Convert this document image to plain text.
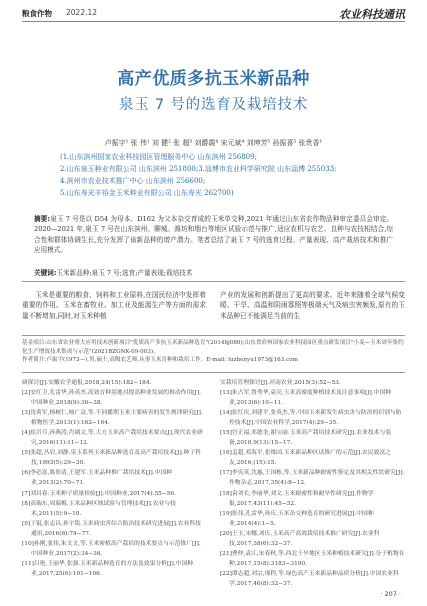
粮食作物 2022.12	农业科技通讯
高产优质多抗玉米新品种
泉玉 7 号的选育及栽培技术
卢振宇¹ 张 伟¹ 刘 健² 张 超³ 刘爵霞⁴ 宋元斌⁴ 刘坤芳⁵ 孙振喜⁵ 张贵香¹
(1.山东滨州国家农业科技园区管理服务中心 山东滨州 256809;
2.山东泉玉种业有限公司 山东滨州 251800;3.淄博市农业科学研究院 山东淄博 255033;
4.滨州市农业技术推广中心 山东滨州 256600;
5.山东寿光丰裕金玉米种业有限公司 山东寿光 262700)
摘要:泉玉 7 号是以 D54 为母本、D162 为父本杂交育成的玉米单交种,2021 年通过山东省农作物品种审定委员会审定。2020—2021 年,泉玉 7 号在山东滨州、聊城、潍坊和烟台等地区试验示范与推广,适应农机与农艺、良种与农技相结合,综合性和群体协调生长,充分发挥了该新品种的增产潜力。笔者总结了泉玉 7 号的选育过程、产量表现、高产栽培技术和推广应用模式。
关键词:玉米新品种;泉玉 7 号;选育;产量表现;栽培技术

玉米是重要的粮食、饲料和工业原料,在国民经济中发挥着重要的作用。玉米在畜牧业、加工业及能源生产等方面的需求量不断增加,同时,对玉米种植

产业的发展和创新提出了更高的要求。近年来随着全球气候变暖、干旱、高温和阴雨寡照等极端天气及病虫害频发,原有的玉米品种已不能满足当前的生

基金项目:山东省农业重大应用技术创新项目"优质高产多抗玉米新品种选育"(2014hj080);山东省滨州国家农业科技园区重点研发项目"小麦—玉米周年集约化生产增效技术集成与示范"(2021BZGNK-09-003)。
作者简介:卢振宇(1973—),男,硕士,高级农艺师,从事玉米育种和栽培工作。E-mail: luzhenyu1973@163.com
研探讨[J].安徽农学通报,2018,24(15):182−184.
[2]安红卫,孔雷华,孙英杰.高效育种基地对提高种业发展的推动作用[J].中国种业,2018(9):36−38.
[3]沈荷军,杨树仁,杨广益,等.不同播期玉米主要病害的发生规律研究[J].植物医学,2013(1):162−164.
[4]崔沂月,孙燕涛,肖璃文,等.大方玉米高产栽培技术要点[J].现代农业研究,2016(11):11−12.
[5]张超,丛岩,刘静.泉玉系列玉米新品种选育及高产栽培技术[J].种子科技,1993(5):29−30.
[6]李必富,陈彰清,王建军.玉米品种推广栽培技术[J].中国种业,2013(2):70−71.
[7]刘昌春.玉米种子质量检验[J].中国种业,2017(4):55−56.
[8]高瑞东,周瑞梅.玉米品种区域试验与管理技术[J].农业与技术,2011(5):9−10.
[9]王锟,张志昌,孙宇铭.玉米病虫害综合防治技术研究进展[J].农业科技通讯,2016(8):74−77.
[10]孙刚,张伟,朱文文,等.玉米密植高产栽培的技术要点与示范推广[J].中国种业,2017(2):34−36.
[11]吕艳,王丽华,张强.玉米新品种选育的方法及效果分析[J].中国种业,2017,25(6):101−106.
实栽培管理探讨[J].河南农业,2015(3):52−53.
[13]朱占军,鲁秀华,袁亮.玉米高密度种植技术及注意事项[J].中国种业,2013(6):10−11.
[14]张红庆,刘建平,张英杰,等.中国玉米新发生病虫害与防治的识别与防控技术[J].中国农业科学,2017(4):29−35.
[15]宫正福,邓德奎,谢宝丽.玉米高产栽培技术研究[J].农业技术与装备,2016,9(13):15−17.
[16]孟超,邓海平,张维国.玉米新品种区试推广的示范[J].农民致富之友,2016,(15):15.
[17]李宪英,沈惠,王国栋,等.玉米新品种耐密性鉴定及其相关性状研究[J].作物杂志,2017,35(4):8−12.
[18]袁刘长,李丽华,刘文.玉米耐密性和耐旱性研究[J].作物学报,2017,43(11):45−52.
[19]张伟,孔雷华,孙庆.玉米杂交种选育的研究进展[J].中国种业,2014(4):1−5.
[20]王玉,宋娜,刘庆.玉米高产高效栽培技术推广研究[J].农业科技,2017,38(6):32−37.
[21]曹仲,袁江,宋春秋,等.西北干旱地区玉米种植技术研究[J].分子植物育种,2017,15(8):3183−3190.
[22]谭志超,刘宗,邢程,等.绿色高产玉米新品种品质分析[J].中国农业科学,2017,46(8):32−37.
· 207 ·
